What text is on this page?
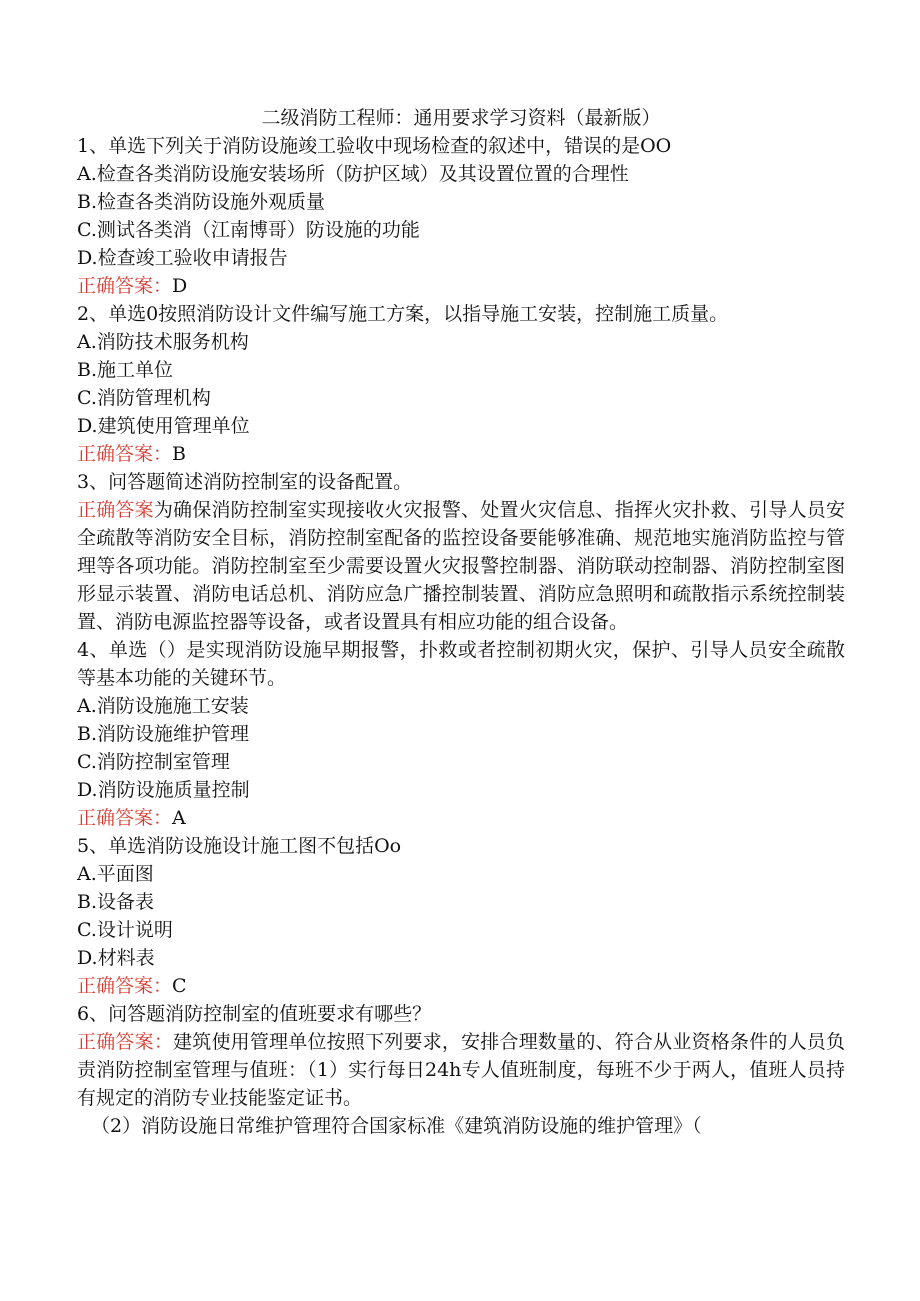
二级消防工程师：通用要求学习资料（最新版）

1、单选下列关于消防设施竣工验收中现场检查的叙述中，错误的是OO

A.检查各类消防设施安装场所（防护区域）及其设置位置的合理性

B.检查各类消防设施外观质量

C.测试各类消（江南博哥）防设施的功能

D.检查竣工验收申请报告

正确答案：D

2、单选0按照消防设计文件编写施工方案，以指导施工安装，控制施工质量。

A.消防技术服务机构

B.施工单位

C.消防管理机构

D.建筑使用管理单位

正确答案：B

3、问答题简述消防控制室的设备配置。

正确答案为确保消防控制室实现接收火灾报警、处置火灾信息、指挥火灾扑救、引导人员安全疏散等消防安全目标，消防控制室配备的监控设备要能够准确、规范地实施消防监控与管理等各项功能。消防控制室至少需要设置火灾报警控制器、消防联动控制器、消防控制室图形显示装置、消防电话总机、消防应急广播控制装置、消防应急照明和疏散指示系统控制装置、消防电源监控器等设备，或者设置具有相应功能的组合设备。

4、单选（）是实现消防设施早期报警，扑救或者控制初期火灾，保护、引导人员安全疏散等基本功能的关键环节。

A.消防设施施工安装

B.消防设施维护管理

C.消防控制室管理

D.消防设施质量控制

正确答案：A

5、单选消防设施设计施工图不包括Oo

A.平面图

B.设备表

C.设计说明

D.材料表

正确答案：C

6、问答题消防控制室的值班要求有哪些？

正确答案：建筑使用管理单位按照下列要求，安排合理数量的、符合从业资格条件的人员负责消防控制室管理与值班：（1）实行每日24h专人值班制度，每班不少于两人，值班人员持有规定的消防专业技能鉴定证书。

（2）消防设施日常维护管理符合国家标准《建筑消防设施的维护管理》（
